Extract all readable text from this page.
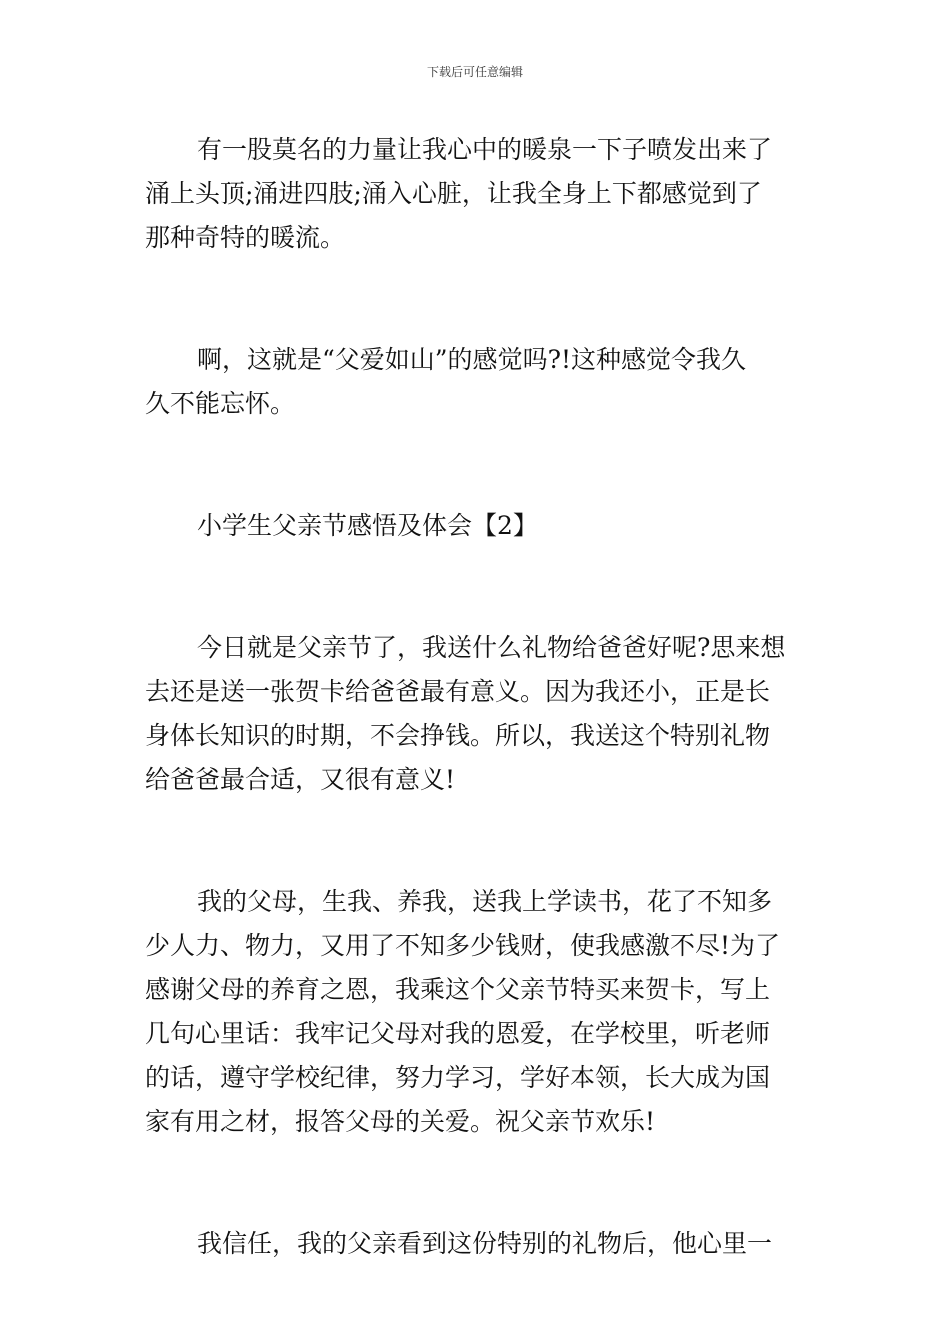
下载后可任意编辑
有一股莫名的力量让我心中的暖泉一下子喷发出来了
涌上头顶;涌进四肢;涌入心脏，让我全身上下都感觉到了
那种奇特的暖流。
啊，这就是“父爱如山”的感觉吗?!这种感觉令我久
久不能忘怀。
小学生父亲节感悟及体会【2】
今日就是父亲节了，我送什么礼物给爸爸好呢?思来想
去还是送一张贺卡给爸爸最有意义。因为我还小，正是长
身体长知识的时期，不会挣钱。所以，我送这个特别礼物
给爸爸最合适，又很有意义!
我的父母，生我、养我，送我上学读书，花了不知多
少人力、物力，又用了不知多少钱财，使我感激不尽!为了
感谢父母的养育之恩，我乘这个父亲节特买来贺卡，写上
几句心里话：我牢记父母对我的恩爱，在学校里，听老师
的话，遵守学校纪律，努力学习，学好本领，长大成为国
家有用之材，报答父母的关爱。祝父亲节欢乐!
我信任，我的父亲看到这份特别的礼物后，他心里一
